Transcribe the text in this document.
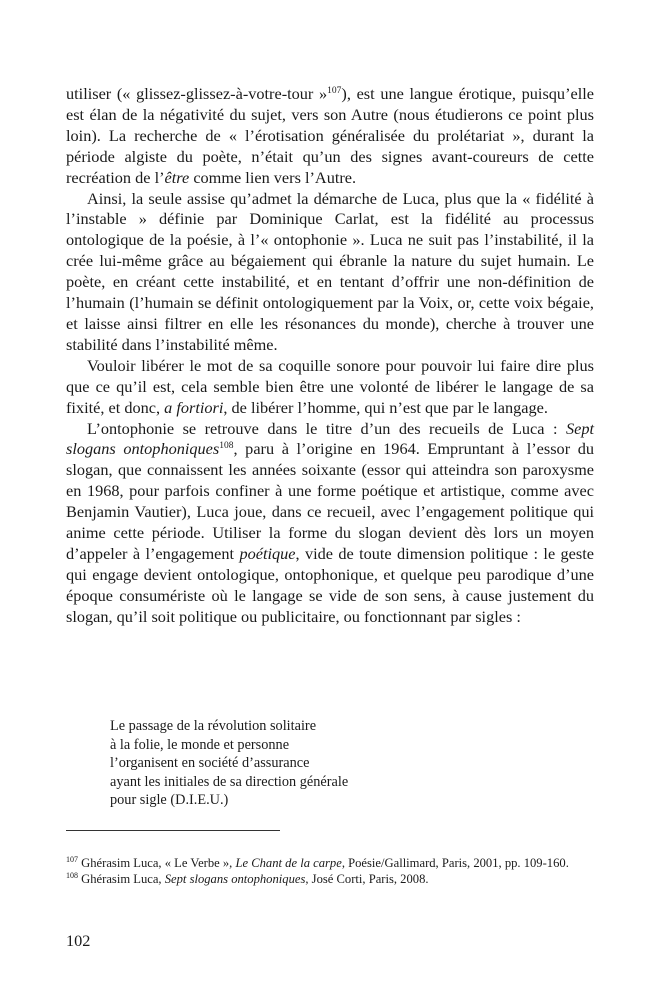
utiliser (« glissez-glissez-à-votre-tour »$^{107}$), est une langue érotique, puisqu’elle est élan de la négativité du sujet, vers son Autre (nous étudierons ce point plus loin). La recherche de « l’érotisation généralisée du prolétariat », durant la période algiste du poète, n’était qu’un des signes avant-coureurs de cette recréation de l’être comme lien vers l’Autre.

Ainsi, la seule assise qu’admet la démarche de Luca, plus que la « fidélité à l’instable » définie par Dominique Carlat, est la fidélité au processus ontologique de la poésie, à l’« ontophonie ». Luca ne suit pas l’instabilité, il la crée lui-même grâce au bégaiement qui ébranle la nature du sujet humain. Le poète, en créant cette instabilité, et en tentant d’offrir une non-définition de l’humain (l’humain se définit ontologiquement par la Voix, or, cette voix bégaie, et laisse ainsi filtrer en elle les résonances du monde), cherche à trouver une stabilité dans l’instabilité même.

Vouloir libérer le mot de sa coquille sonore pour pouvoir lui faire dire plus que ce qu’il est, cela semble bien être une volonté de libérer le langage de sa fixité, et donc, a fortiori, de libérer l’homme, qui n’est que par le langage.

L’ontophonie se retrouve dans le titre d’un des recueils de Luca : Sept slogans ontophoniques$^{108}$, paru à l’origine en 1964. Empruntant à l’essor du slogan, que connaissent les années soixante (essor qui atteindra son paroxysme en 1968, pour parfois confiner à une forme poétique et artistique, comme avec Benjamin Vautier), Luca joue, dans ce recueil, avec l’engagement politique qui anime cette période. Utiliser la forme du slogan devient dès lors un moyen d’appeler à l’engagement poétique, vide de toute dimension politique : le geste qui engage devient ontologique, ontophonique, et quelque peu parodique d’une époque consumériste où le langage se vide de son sens, à cause justement du slogan, qu’il soit politique ou publicitaire, ou fonctionnant par sigles :

Le passage de la révolution solitaire
à la folie, le monde et personne
l’organisent en société d’assurance
ayant les initiales de sa direction générale
pour sigle (D.I.E.U.)

$^{107}$ Ghérasim Luca, « Le Verbe », Le Chant de la carpe, Poésie/Gallimard, Paris, 2001, pp. 109-160.

$^{108}$ Ghérasim Luca, Sept slogans ontophoniques, José Corti, Paris, 2008.

102
